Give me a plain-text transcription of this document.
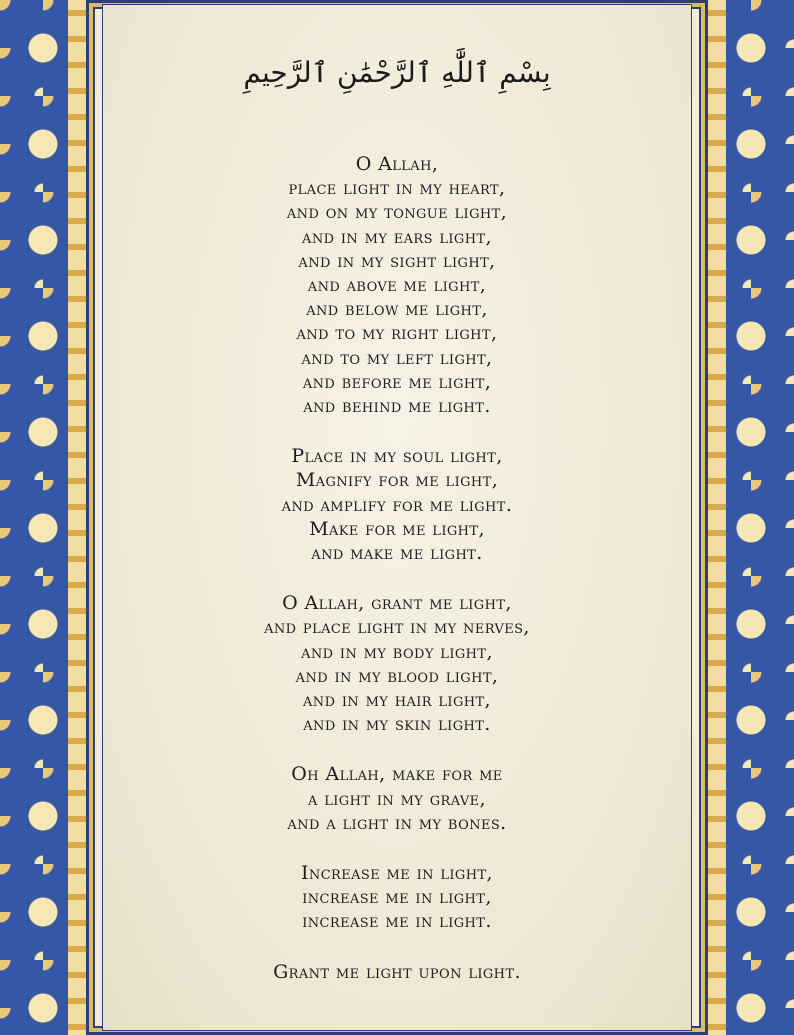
بِسْمِ ٱللَّٰهِ ٱلرَّحْمَٰنِ ٱلرَّحِيمِ
O Allah,
place light in my heart,
and on my tongue light,
and in my ears light,
and in my sight light,
and above me light,
and below me light,
and to my right light,
and to my left light,
and before me light,
and behind me light.
Place in my soul light,
Magnify for me light,
and amplify for me light.
Make for me light,
and make me light.
O Allah, grant me light,
and place light in my nerves,
and in my body light,
and in my blood light,
and in my hair light,
and in my skin light.
Oh Allah, make for me
a light in my grave,
and a light in my bones.
Increase me in light,
increase me in light,
increase me in light.
Grant me light upon light.
